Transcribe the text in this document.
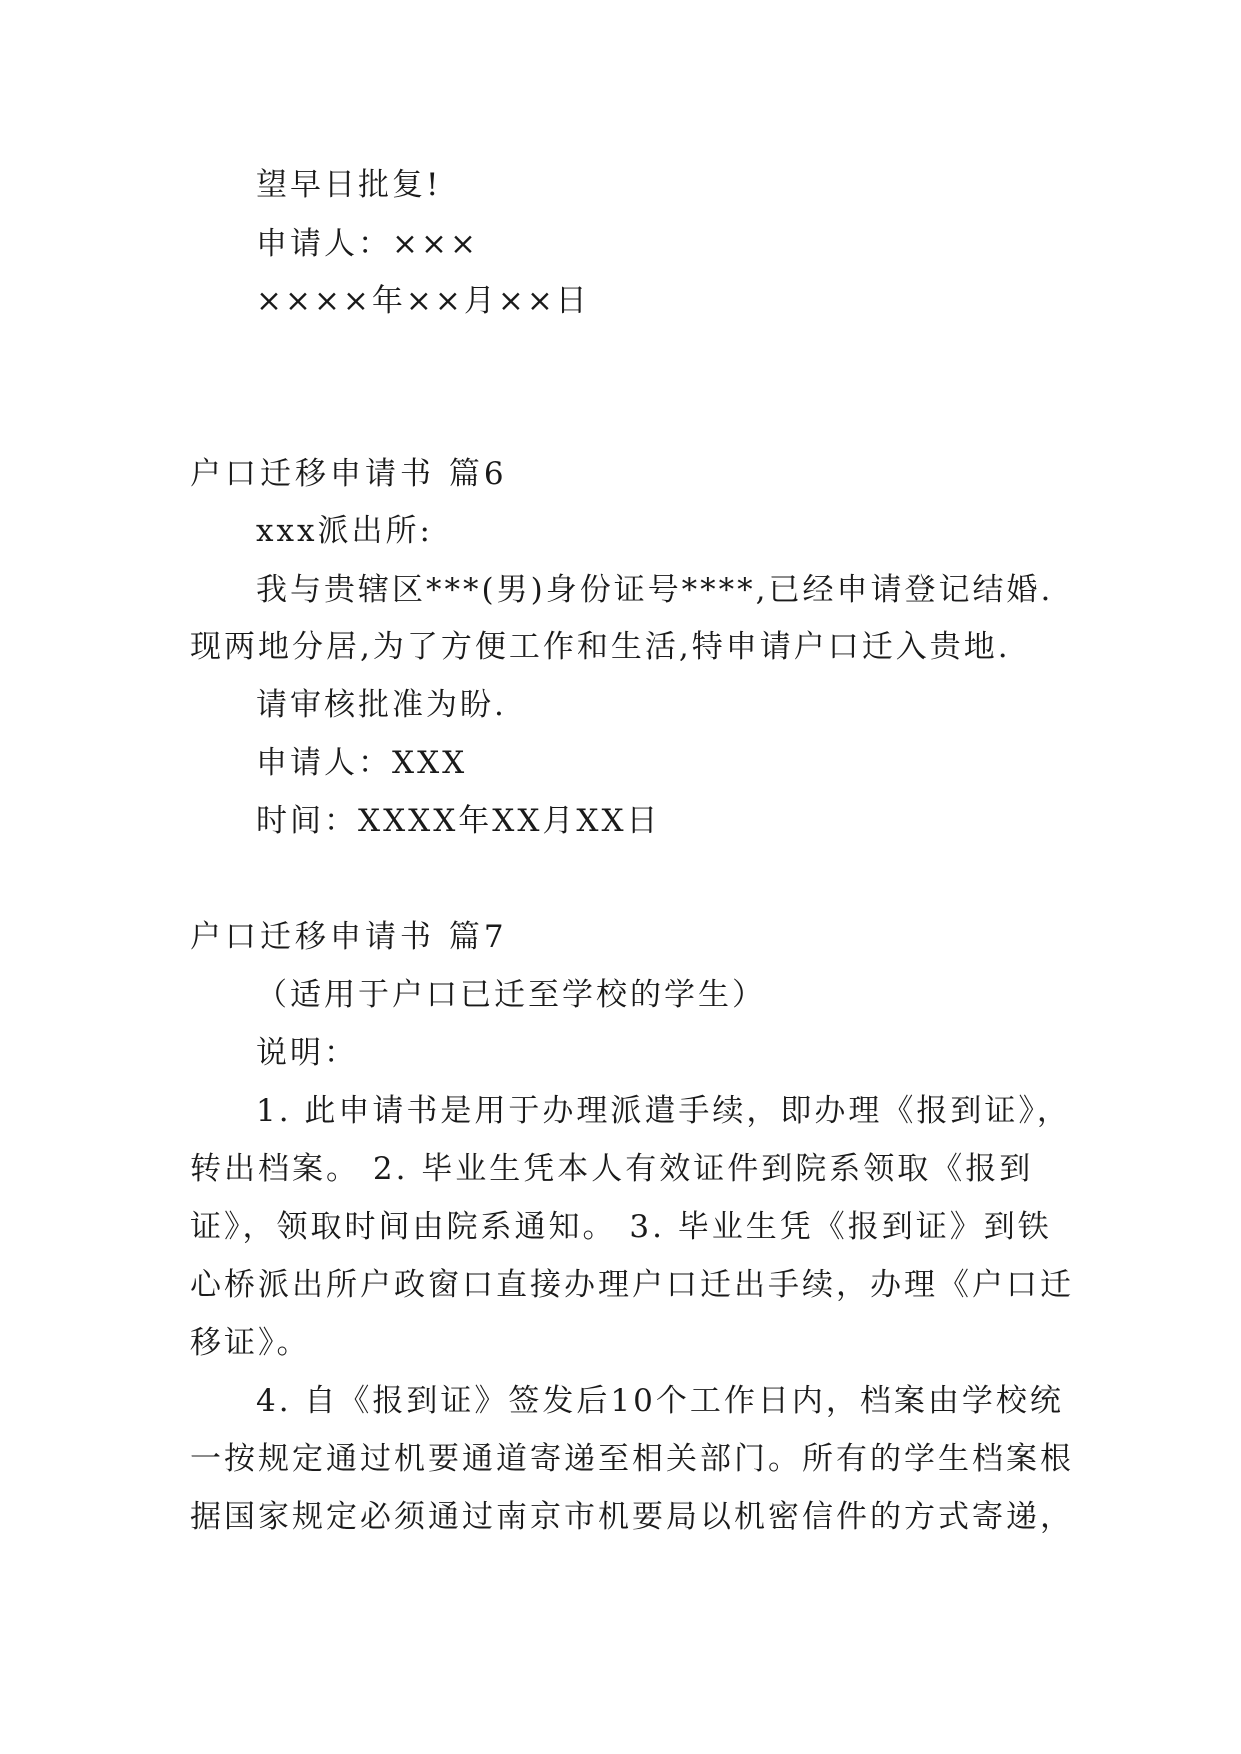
望早日批复!
申请人：×××
××××年××月××日
户口迁移申请书 篇6
xxx派出所:
我与贵辖区***(男)身份证号****,已经申请登记结婚.
现两地分居,为了方便工作和生活,特申请户口迁入贵地.
请审核批准为盼.
申请人：XXX
时间：XXXX年XX月XX日
户口迁移申请书 篇7
（适用于户口已迁至学校的学生）
说明：
1. 此申请书是用于办理派遣手续，即办理《报到证》，
转出档案。 2. 毕业生凭本人有效证件到院系领取《报到
证》，领取时间由院系通知。 3. 毕业生凭《报到证》到铁
心桥派出所户政窗口直接办理户口迁出手续，办理《户口迁
移证》。
4. 自《报到证》签发后10个工作日内，档案由学校统
一按规定通过机要通道寄递至相关部门。所有的学生档案根
据国家规定必须通过南京市机要局以机密信件的方式寄递，
